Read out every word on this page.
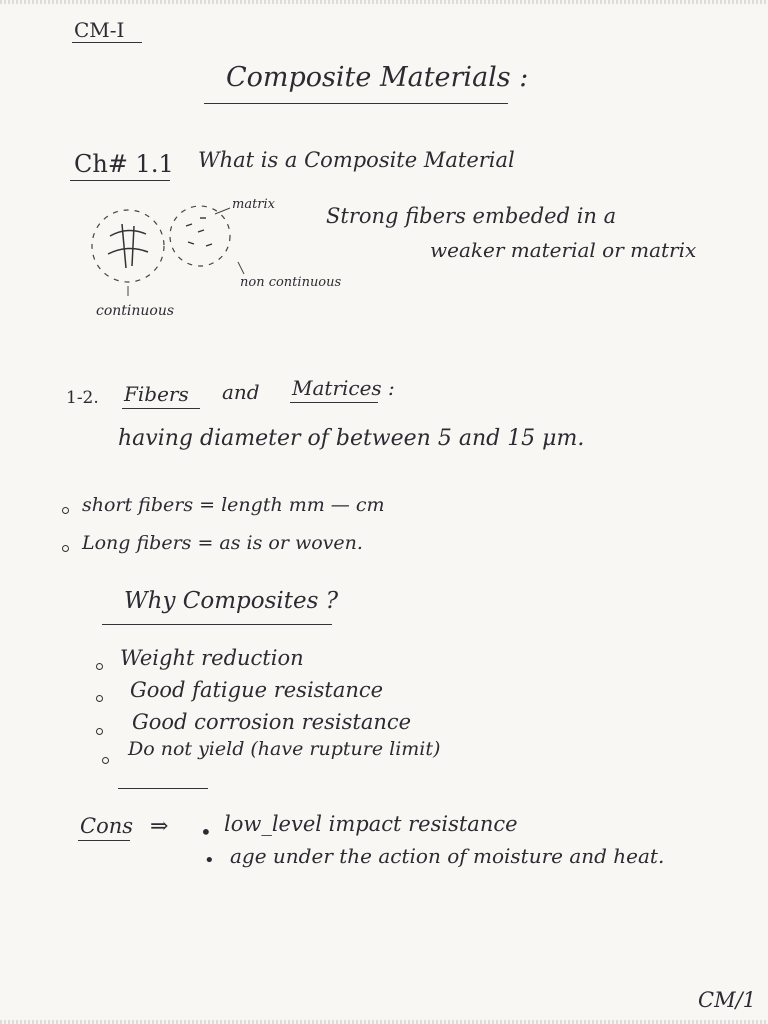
CM-I
Composite Materials :
Ch# 1.1 What is a Composite Material
matrix
non continuous
continuous
Strong fibers embeded in a
weaker material or matrix
1-2. Fibers and Matrices :
having diameter of between 5 and 15 μm.
short fibers = length mm — cm
Long fibers = as is or woven.
Why Composites ?
Weight reduction
Good fatigue resistance
Good corrosion resistance
Do not yield (have rupture limit)
Cons ⇒ • low_level impact resistance
• age under the action of moisture and heat.
CM/1
